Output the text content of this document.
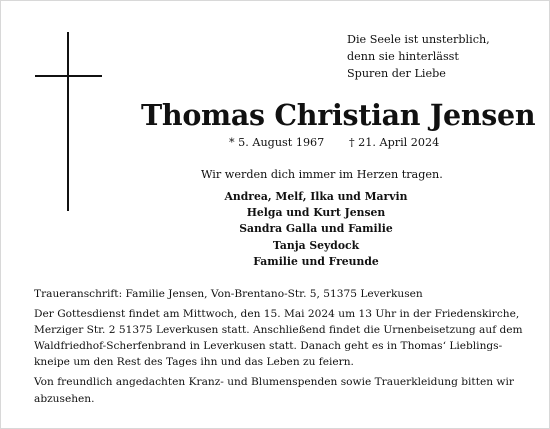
Die Seele ist unsterblich,
denn sie hinterlässt
Spuren der Liebe
Thomas Christian Jensen
* 5. August 1967 † 21. April 2024
Wir werden dich immer im Herzen tragen.
Andrea, Melf, Ilka und Marvin
Helga und Kurt Jensen
Sandra Galla und Familie
Tanja Seydock
Familie und Freunde
Traueranschrift: Familie Jensen, Von-Brentano-Str. 5, 51375 Leverkusen
Der Gottesdienst findet am Mittwoch, den 15. Mai 2024 um 13 Uhr in der Friedenskirche,
Merziger Str. 2 51375 Leverkusen statt. Anschließend findet die Urnenbeisetzung auf dem
Waldfriedhof-Scherfenbrand in Leverkusen statt. Danach geht es in Thomas‘ Lieblings-
kneipe um den Rest des Tages ihn und das Leben zu feiern.
Von freundlich angedachten Kranz- und Blumenspenden sowie Trauerkleidung bitten wir
abzusehen.
